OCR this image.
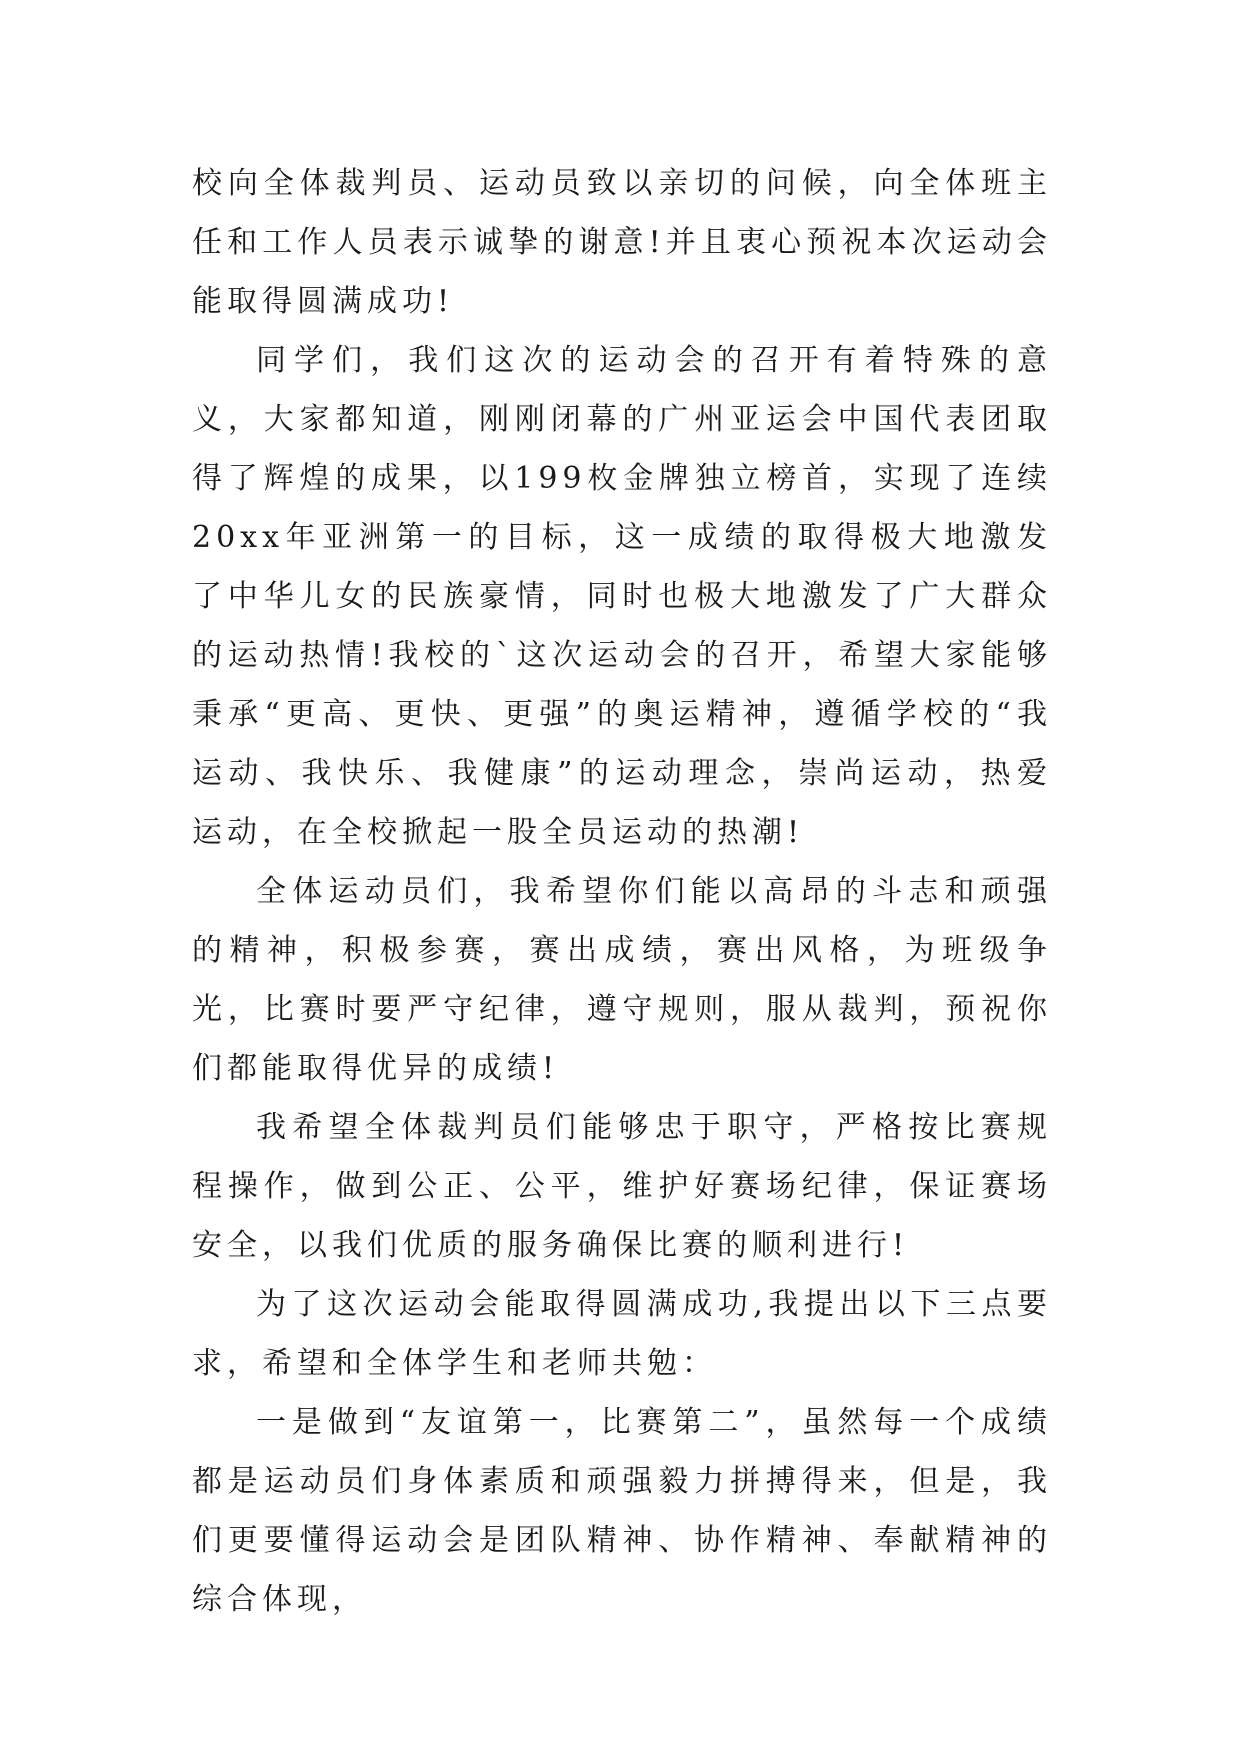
校向全体裁判员、运动员致以亲切的问候，向全体班主任和工作人员表示诚挚的谢意!并且衷心预祝本次运动会能取得圆满成功!

同学们，我们这次的运动会的召开有着特殊的意义，大家都知道，刚刚闭幕的广州亚运会中国代表团取得了辉煌的成果，以199枚金牌独立榜首，实现了连续20xx年亚洲第一的目标，这一成绩的取得极大地激发了中华儿女的民族豪情，同时也极大地激发了广大群众的运动热情!我校的`这次运动会的召开，希望大家能够秉承“更高、更快、更强”的奥运精神，遵循学校的“我运动、我快乐、我健康”的运动理念，崇尚运动，热爱运动，在全校掀起一股全员运动的热潮!

全体运动员们，我希望你们能以高昂的斗志和顽强的精神，积极参赛，赛出成绩，赛出风格，为班级争光，比赛时要严守纪律，遵守规则，服从裁判，预祝你们都能取得优异的成绩!

我希望全体裁判员们能够忠于职守，严格按比赛规程操作，做到公正、公平，维护好赛场纪律，保证赛场安全，以我们优质的服务确保比赛的顺利进行!

为了这次运动会能取得圆满成功,我提出以下三点要求，希望和全体学生和老师共勉：

一是做到“友谊第一，比赛第二”，虽然每一个成绩都是运动员们身体素质和顽强毅力拼搏得来，但是，我们更要懂得运动会是团队精神、协作精神、奉献精神的综合体现，
